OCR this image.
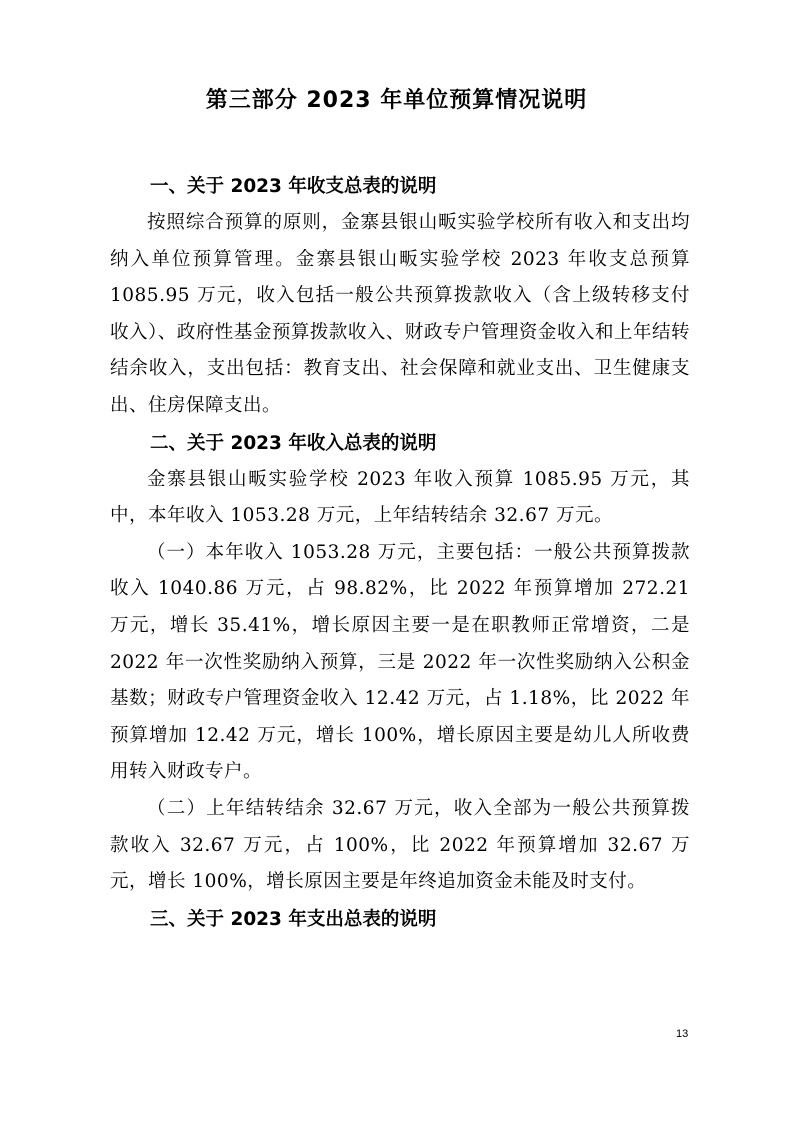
第三部分 2023 年单位预算情况说明
一、关于 2023 年收支总表的说明

按照综合预算的原则，金寨县银山畈实验学校所有收入和支出均纳入单位预算管理。金寨县银山畈实验学校 2023 年收支总预算 1085.95 万元，收入包括一般公共预算拨款收入（含上级转移支付收入）、政府性基金预算拨款收入、财政专户管理资金收入和上年结转结余收入，支出包括：教育支出、社会保障和就业支出、卫生健康支出、住房保障支出。

二、关于 2023 年收入总表的说明

金寨县银山畈实验学校 2023 年收入预算 1085.95 万元，其中，本年收入 1053.28 万元，上年结转结余 32.67 万元。

（一）本年收入 1053.28 万元，主要包括：一般公共预算拨款收入 1040.86 万元，占 98.82%，比 2022 年预算增加 272.21 万元，增长 35.41%，增长原因主要一是在职教师正常增资，二是 2022 年一次性奖励纳入预算，三是 2022 年一次性奖励纳入公积金基数；财政专户管理资金收入 12.42 万元，占 1.18%，比 2022 年预算增加 12.42 万元，增长 100%，增长原因主要是幼儿人所收费用转入财政专户。

（二）上年结转结余 32.67 万元，收入全部为一般公共预算拨款收入 32.67 万元，占 100%，比 2022 年预算增加 32.67 万元，增长 100%，增长原因主要是年终追加资金未能及时支付。

三、关于 2023 年支出总表的说明
13
